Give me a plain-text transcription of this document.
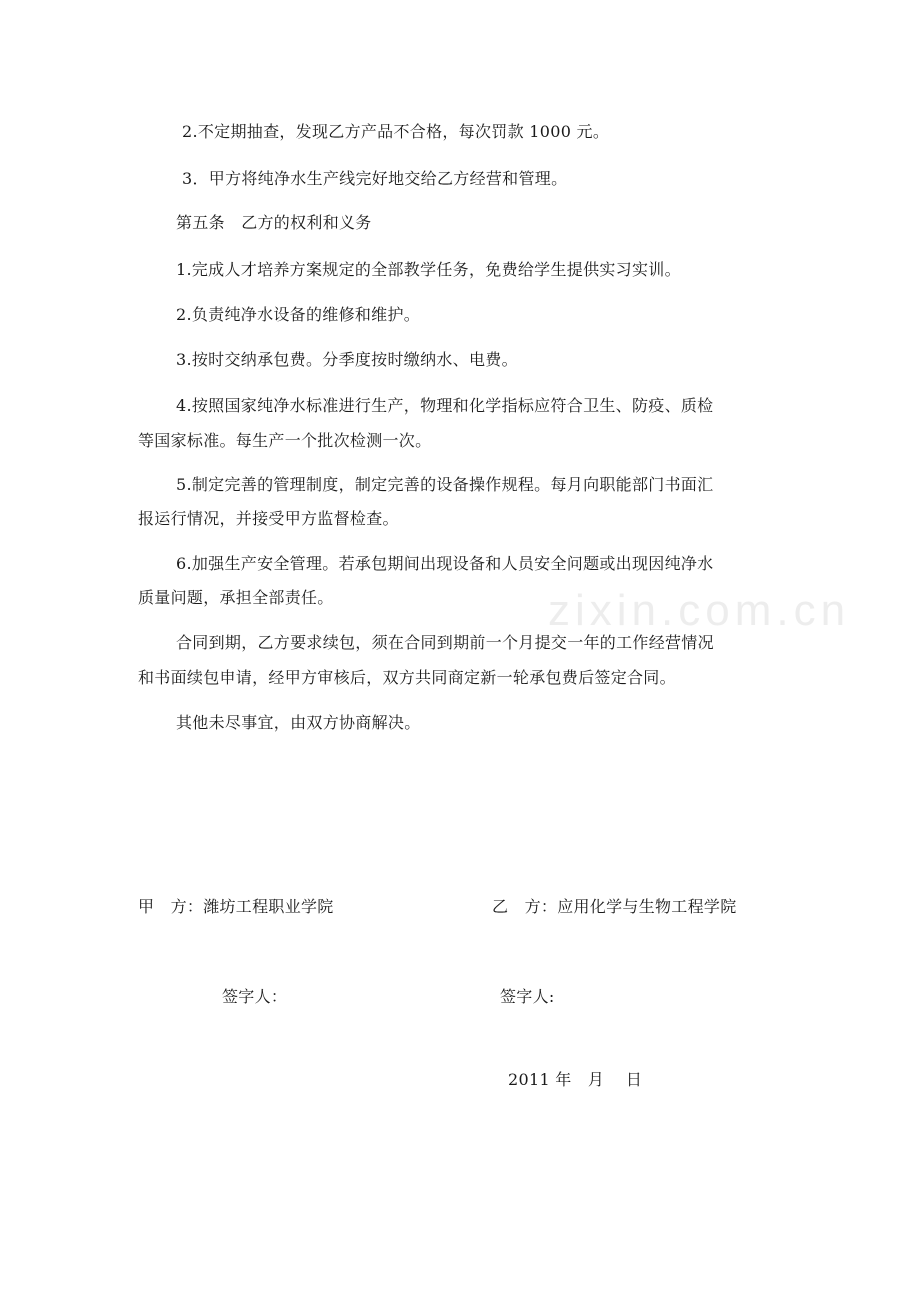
2.不定期抽查，发现乙方产品不合格，每次罚款 1000 元。
3．甲方将纯净水生产线完好地交给乙方经营和管理。
第五条　乙方的权利和义务
1.完成人才培养方案规定的全部教学任务，免费给学生提供实习实训。
2.负责纯净水设备的维修和维护。
3.按时交纳承包费。分季度按时缴纳水、电费。
4.按照国家纯净水标准进行生产，物理和化学指标应符合卫生、防疫、质检
等国家标准。每生产一个批次检测一次。
5.制定完善的管理制度，制定完善的设备操作规程。每月向职能部门书面汇
报运行情况，并接受甲方监督检查。
6.加强生产安全管理。若承包期间出现设备和人员安全问题或出现因纯净水
质量问题，承担全部责任。
合同到期，乙方要求续包，须在合同到期前一个月提交一年的工作经营情况
和书面续包申请，经甲方审核后，双方共同商定新一轮承包费后签定合同。
其他未尽事宜，由双方协商解决。
zixin.com.cn
甲　方：潍坊工程职业学院	乙　方：应用化学与生物工程学院
签字人：	签字人:
2011 年　月　 日
